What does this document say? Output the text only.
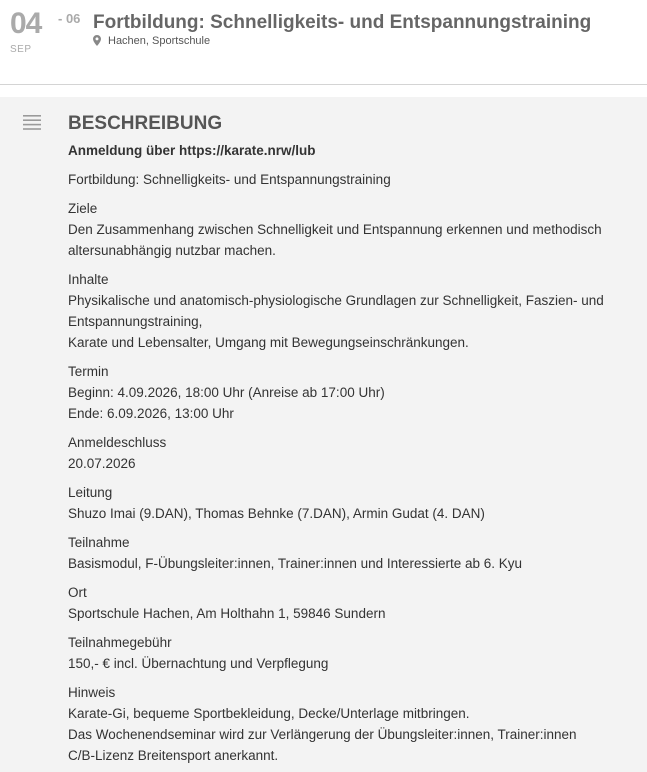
04 - 06
SEP
Fortbildung: Schnelligkeits- und Entspannungstraining
Hachen, Sportschule
BESCHREIBUNG
Anmeldung über https://karate.nrw/lub
Fortbildung: Schnelligkeits- und Entspannungstraining
Ziele
Den Zusammenhang zwischen Schnelligkeit und Entspannung erkennen und methodisch
altersunabhängig nutzbar machen.
Inhalte
Physikalische und anatomisch-physiologische Grundlagen zur Schnelligkeit, Faszien- und
Entspannungstraining,
Karate und Lebensalter, Umgang mit Bewegungseinschränkungen.
Termin
Beginn: 4.09.2026, 18:00 Uhr (Anreise ab 17:00 Uhr)
Ende: 6.09.2026, 13:00 Uhr
Anmeldeschluss
20.07.2026
Leitung
Shuzo Imai (9.DAN), Thomas Behnke (7.DAN), Armin Gudat (4. DAN)
Teilnahme
Basismodul, F-Übungsleiter:innen, Trainer:innen und Interessierte ab 6. Kyu
Ort
Sportschule Hachen, Am Holthahn 1, 59846 Sundern
Teilnahmegebühr
150,- € incl. Übernachtung und Verpflegung
Hinweis
Karate-Gi, bequeme Sportbekleidung, Decke/Unterlage mitbringen.
Das Wochenendseminar wird zur Verlängerung der Übungsleiter:innen, Trainer:innen
C/B-Lizenz Breitensport anerkannt.
